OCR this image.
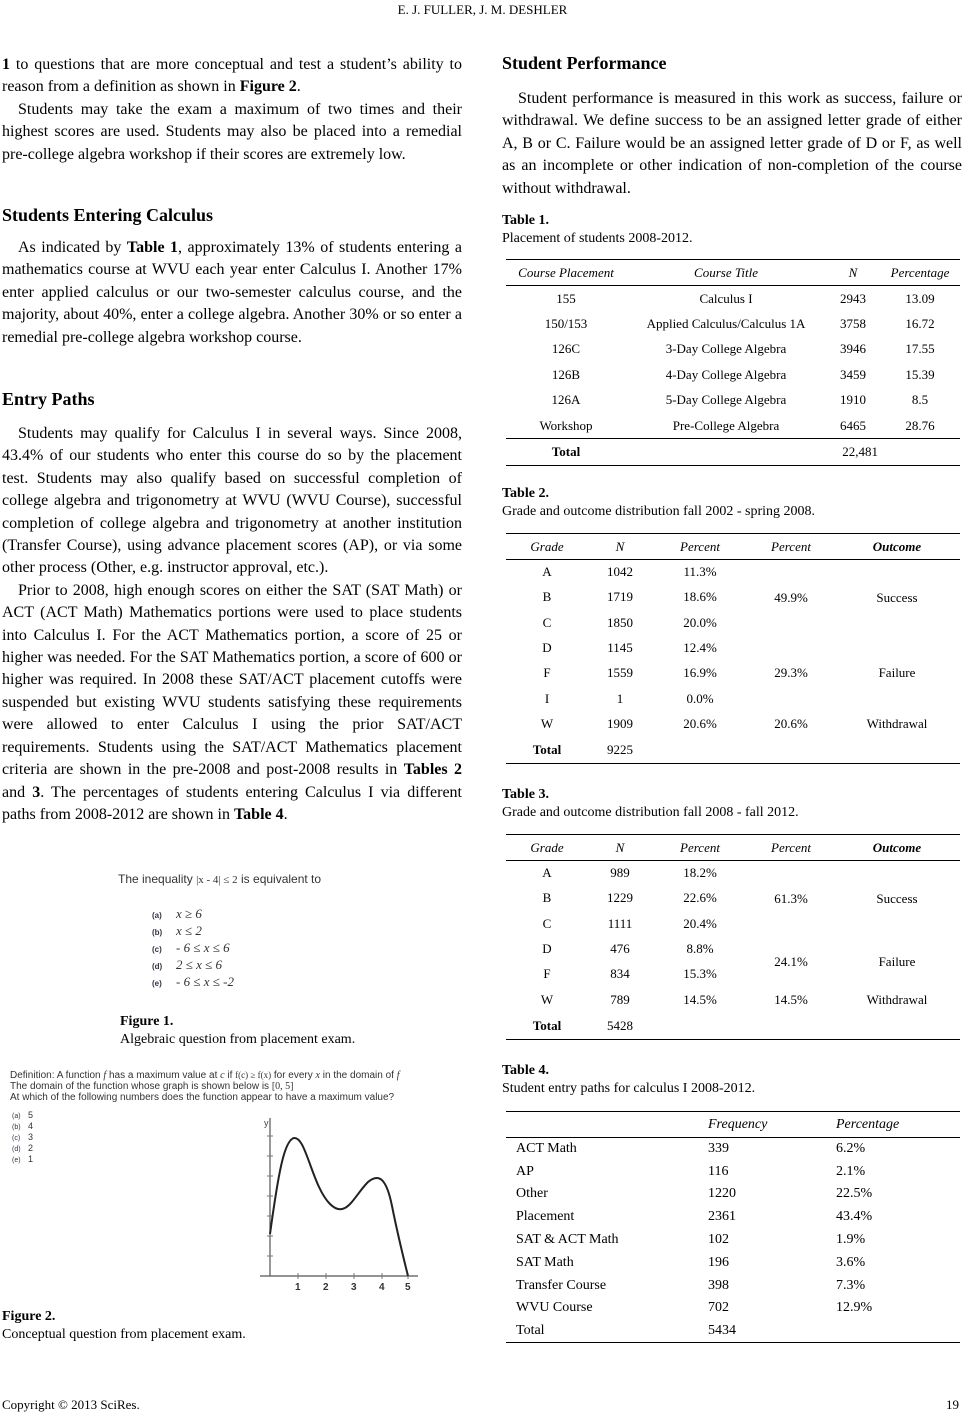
E. J. FULLER, J. M. DESHLER

1 to questions that are more conceptual and test a student’s ability to reason from a definition as shown in Figure 2.

Students may take the exam a maximum of two times and their highest scores are used. Students may also be placed into a remedial pre-college algebra workshop if their scores are extremely low.

Students Entering Calculus

As indicated by Table 1, approximately 13% of students entering a mathematics course at WVU each year enter Calculus I. Another 17% enter applied calculus or our two-semester calculus course, and the majority, about 40%, enter a college algebra. Another 30% or so enter a remedial pre-college algebra workshop course.

Entry Paths

Students may qualify for Calculus I in several ways. Since 2008, 43.4% of our students who enter this course do so by the placement test. Students may also qualify based on successful completion of college algebra and trigonometry at WVU (WVU Course), successful completion of college algebra and trigonometry at another institution (Transfer Course), using advance placement scores (AP), or via some other process (Other, e.g. instructor approval, etc.).

Prior to 2008, high enough scores on either the SAT (SAT Math) or ACT (ACT Math) Mathematics portions were used to place students into Calculus I. For the ACT Mathematics portion, a score of 25 or higher was needed. For the SAT Mathematics portion, a score of 600 or higher was required. In 2008 these SAT/ACT placement cutoffs were suspended but existing WVU students satisfying these requirements were allowed to enter Calculus I using the prior SAT/ACT requirements. Students using the SAT/ACT Mathematics placement criteria are shown in the pre-2008 and post-2008 results in Tables 2 and 3. The percentages of students entering Calculus I via different paths from 2008-2012 are shown in Table 4.

The inequality |x - 4| ≤ 2 is equivalent to
(a) x ≥ 6
(b) x ≤ 2
(c) - 6 ≤ x ≤ 6
(d) 2 ≤ x ≤ 6
(e) - 6 ≤ x ≤ -2
Figure 1.
Algebraic question from placement exam.
Definition: A function f has a maximum value at c if f(c) ≥ f(x) for every x in the domain of f
The domain of the function whose graph is shown below is [0, 5]
At which of the following numbers does the function appear to have a maximum value?
(a) 5
(b) 4
(c) 3
(d) 2
(e) 1
y
1 2 3 4 5
Figure 2.
Conceptual question from placement exam.
Student Performance

Student performance is measured in this work as success, failure or withdrawal. We define success to be an assigned letter grade of either A, B or C. Failure would be an assigned letter grade of D or F, as well as an incomplete or other indication of non-completion of the course without withdrawal.

Table 1.
Placement of students 2008-2012.
Course Placement	Course Title	N	Percentage
155	Calculus I	2943	13.09
150/153	Applied Calculus/Calculus 1A	3758	16.72
126C	3-Day College Algebra	3946	17.55
126B	4-Day College Algebra	3459	15.39
126A	5-Day College Algebra	1910	8.5
Workshop	Pre-College Algebra	6465	28.76
Total		22,481	
Table 2.
Grade and outcome distribution fall 2002 - spring 2008.
Grade	N	Percent	Percent	Outcome
A	1042	11.3%	49.9%	Success
B	1719	18.6%		
C	1850	20.0%		
D	1145	12.4%	29.3%	Failure
F	1559	16.9%		
I	1	0.0%		
W	1909	20.6%	20.6%	Withdrawal
Total	9225			
Table 3.
Grade and outcome distribution fall 2008 - fall 2012.
Grade	N	Percent	Percent	Outcome
A	989	18.2%	61.3%	Success
B	1229	22.6%		
C	1111	20.4%		
D	476	8.8%	24.1%	Failure
F	834	15.3%		
W	789	14.5%	14.5%	Withdrawal
Total	5428			
Table 4.
Student entry paths for calculus I 2008-2012.
	Frequency	Percentage
ACT Math	339	6.2%
AP	116	2.1%
Other	1220	22.5%
Placement	2361	43.4%
SAT & ACT Math	102	1.9%
SAT Math	196	3.6%
Transfer Course	398	7.3%
WVU Course	702	12.9%
Total	5434	
Copyright © 2013 SciRes.	19
